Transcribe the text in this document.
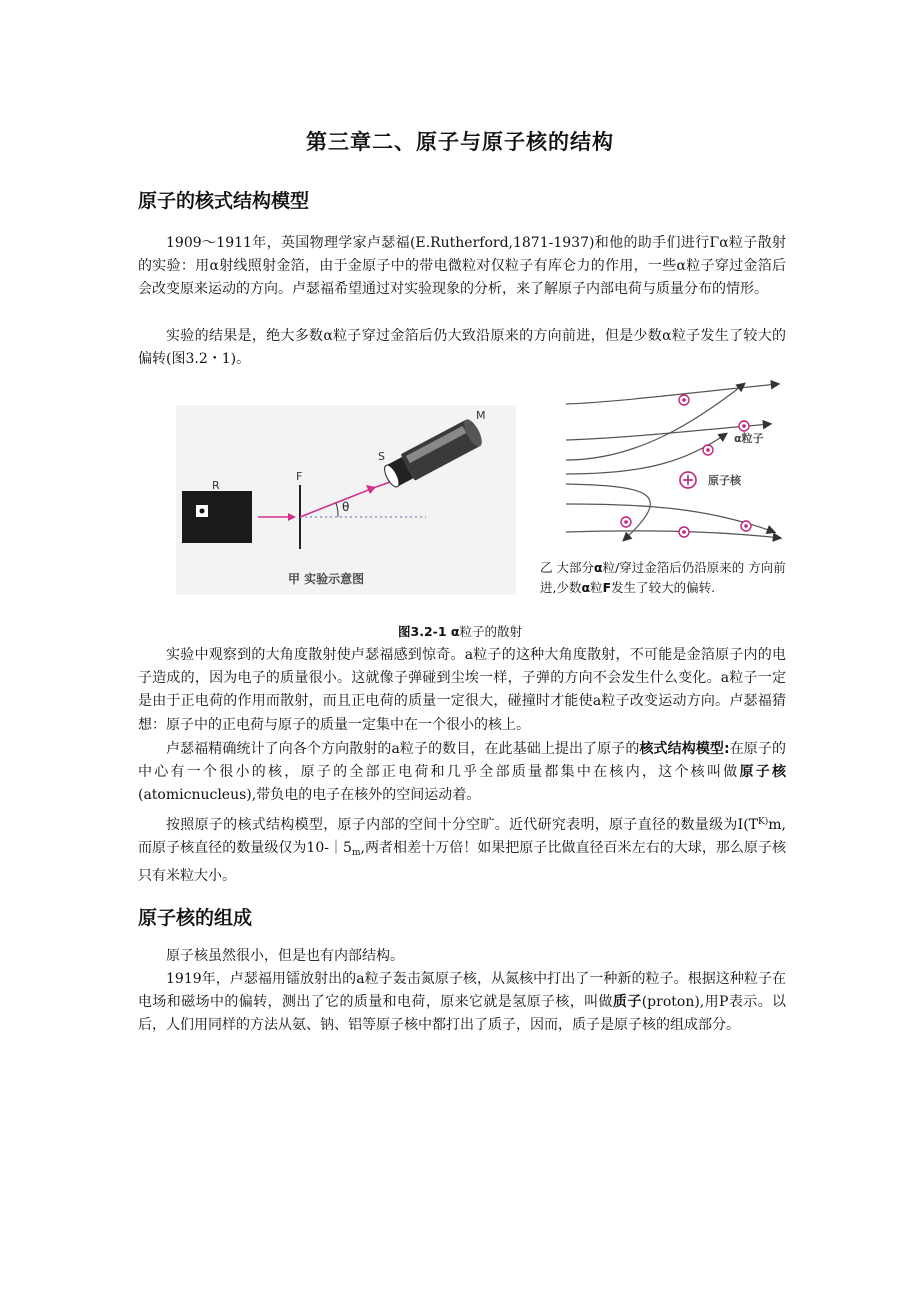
第三章二、原子与原子核的结构
原子的核式结构模型

1909～1911年，英国物理学家卢瑟福(E.Rutherford,1871-1937)和他的助手们进行Γα粒子散射的实验：用α射线照射金箔，由于金原子中的带电微粒对仅粒子有库仑力的作用，一些α粒子穿过金箔后会改变原来运动的方向。卢瑟福希望通过对实验现象的分析，来了解原子内部电荷与质量分布的情形。

实验的结果是，绝大多数α粒子穿过金箔后仍大致沿原来的方向前进，但是少数α粒子发生了较大的偏转(图3.2・1)。

R
F
θ
S
M
甲 实验示意图
α粒子
原子核
乙 大部分α粒/穿过金箔后仍沿原来的 方向前进,少数α粒F发生了较大的偏转.
图3.2-1 α粒子的散射

实验中观察到的大角度散射使卢瑟福感到惊奇。a粒子的这种大角度散射，不可能是金箔原子内的电子造成的，因为电子的质量很小。这就像子弹碰到尘埃一样，子弹的方向不会发生什么变化。a粒子一定是由于正电荷的作用而散射，而且正电荷的质量一定很大，碰撞时才能使a粒子改变运动方向。卢瑟福猜想：原子中的正电荷与原子的质量一定集中在一个很小的核上。

卢瑟福精确统计了向各个方向散射的a粒子的数目，在此基础上提出了原子的核式结构模型:在原子的中心有一个很小的核，原子的全部正电荷和几乎全部质量都集中在核内，这个核叫做原子核(atomicnucleus),带负电的电子在核外的空间运动着。

按照原子的核式结构模型，原子内部的空间十分空旷。近代研究表明，原子直径的数量级为$I(T^{K)}m$,而原子核直径的数量级仅为$10-|5_m$,两者相差十万倍！如果把原子比做直径百米左右的大球，那么原子核只有米粒大小。

原子核的组成

原子核虽然很小，但是也有内部结构。

1919年，卢瑟福用镭放射出的a粒子轰击氮原子核，从氮核中打出了一种新的粒子。根据这种粒子在电场和磁场中的偏转，测出了它的质量和电荷，原来它就是氢原子核，叫做质子(proton),用P表示。以后，人们用同样的方法从氨、钠、铝等原子核中都打出了质子，因而，质子是原子核的组成部分。
